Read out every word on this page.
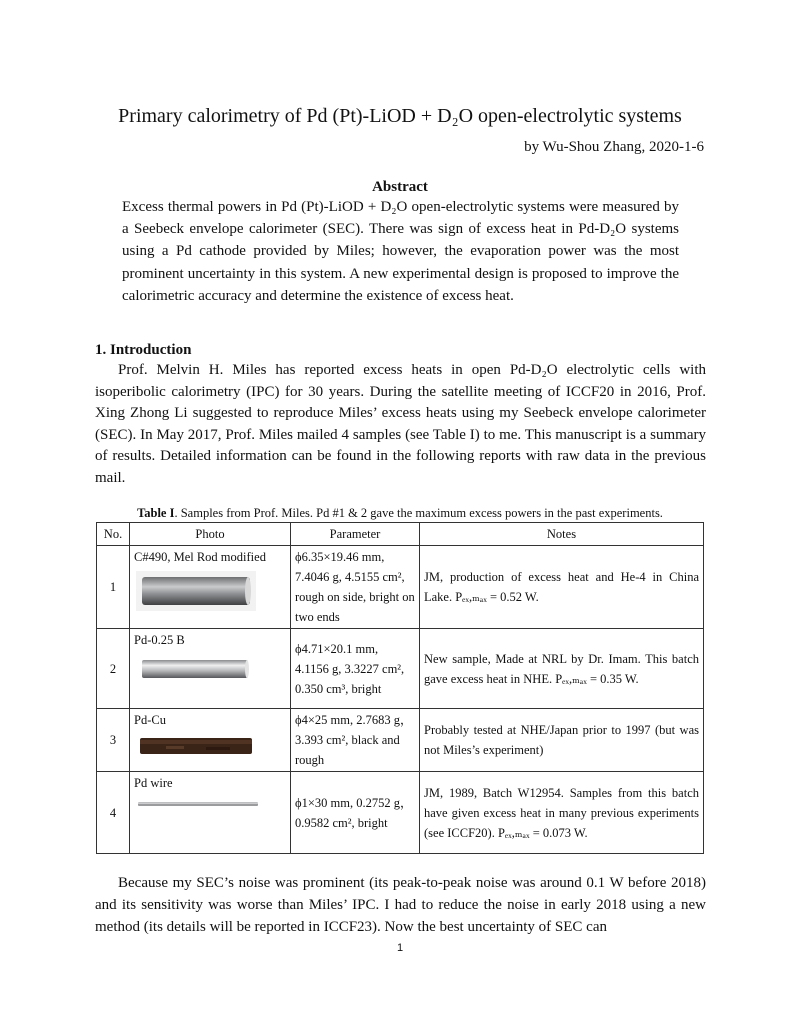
Primary calorimetry of Pd (Pt)-LiOD + D₂O open-electrolytic systems
by Wu-Shou Zhang, 2020-1-6
Abstract
Excess thermal powers in Pd (Pt)-LiOD + D₂O open-electrolytic systems were measured by a Seebeck envelope calorimeter (SEC). There was sign of excess heat in Pd-D₂O systems using a Pd cathode provided by Miles; however, the evaporation power was the most prominent uncertainty in this system. A new experimental design is proposed to improve the calorimetric accuracy and determine the existence of excess heat.
1. Introduction
Prof. Melvin H. Miles has reported excess heats in open Pd-D₂O electrolytic cells with isoperibolic calorimetry (IPC) for 30 years. During the satellite meeting of ICCF20 in 2016, Prof. Xing Zhong Li suggested to reproduce Miles’ excess heats using my Seebeck envelope calorimeter (SEC). In May 2017, Prof. Miles mailed 4 samples (see Table I) to me. This manuscript is a summary of results. Detailed information can be found in the following reports with raw data in the previous mail.
Table I. Samples from Prof. Miles. Pd #1 & 2 gave the maximum excess powers in the past experiments.
No.	Photo	Parameter	Notes
1	C#490, Mel Rod modified	ϕ6.35×19.46 mm, 7.4046 g, 4.5155 cm², rough on side, bright on two ends	JM, production of excess heat and He-4 in China Lake. Pₑₓ,ₘₐₓ = 0.52 W.
2	Pd-0.25 B	ϕ4.71×20.1 mm, 4.1156 g, 3.3227 cm², 0.350 cm³, bright	New sample, Made at NRL by Dr. Imam. This batch gave excess heat in NHE. Pₑₓ,ₘₐₓ = 0.35 W.
3	Pd-Cu	ϕ4×25 mm, 2.7683 g，3.393 cm², black and rough	Probably tested at NHE/Japan prior to 1997 (but was not Miles’s experiment)
4	Pd wire	ϕ1×30 mm, 0.2752 g，0.9582 cm², bright	JM, 1989, Batch W12954. Samples from this batch have given excess heat in many previous experiments (see ICCF20). Pₑₓ,ₘₐₓ = 0.073 W.
Because my SEC’s noise was prominent (its peak-to-peak noise was around 0.1 W before 2018) and its sensitivity was worse than Miles’ IPC. I had to reduce the noise in early 2018 using a new method (its details will be reported in ICCF23). Now the best uncertainty of SEC can
1
